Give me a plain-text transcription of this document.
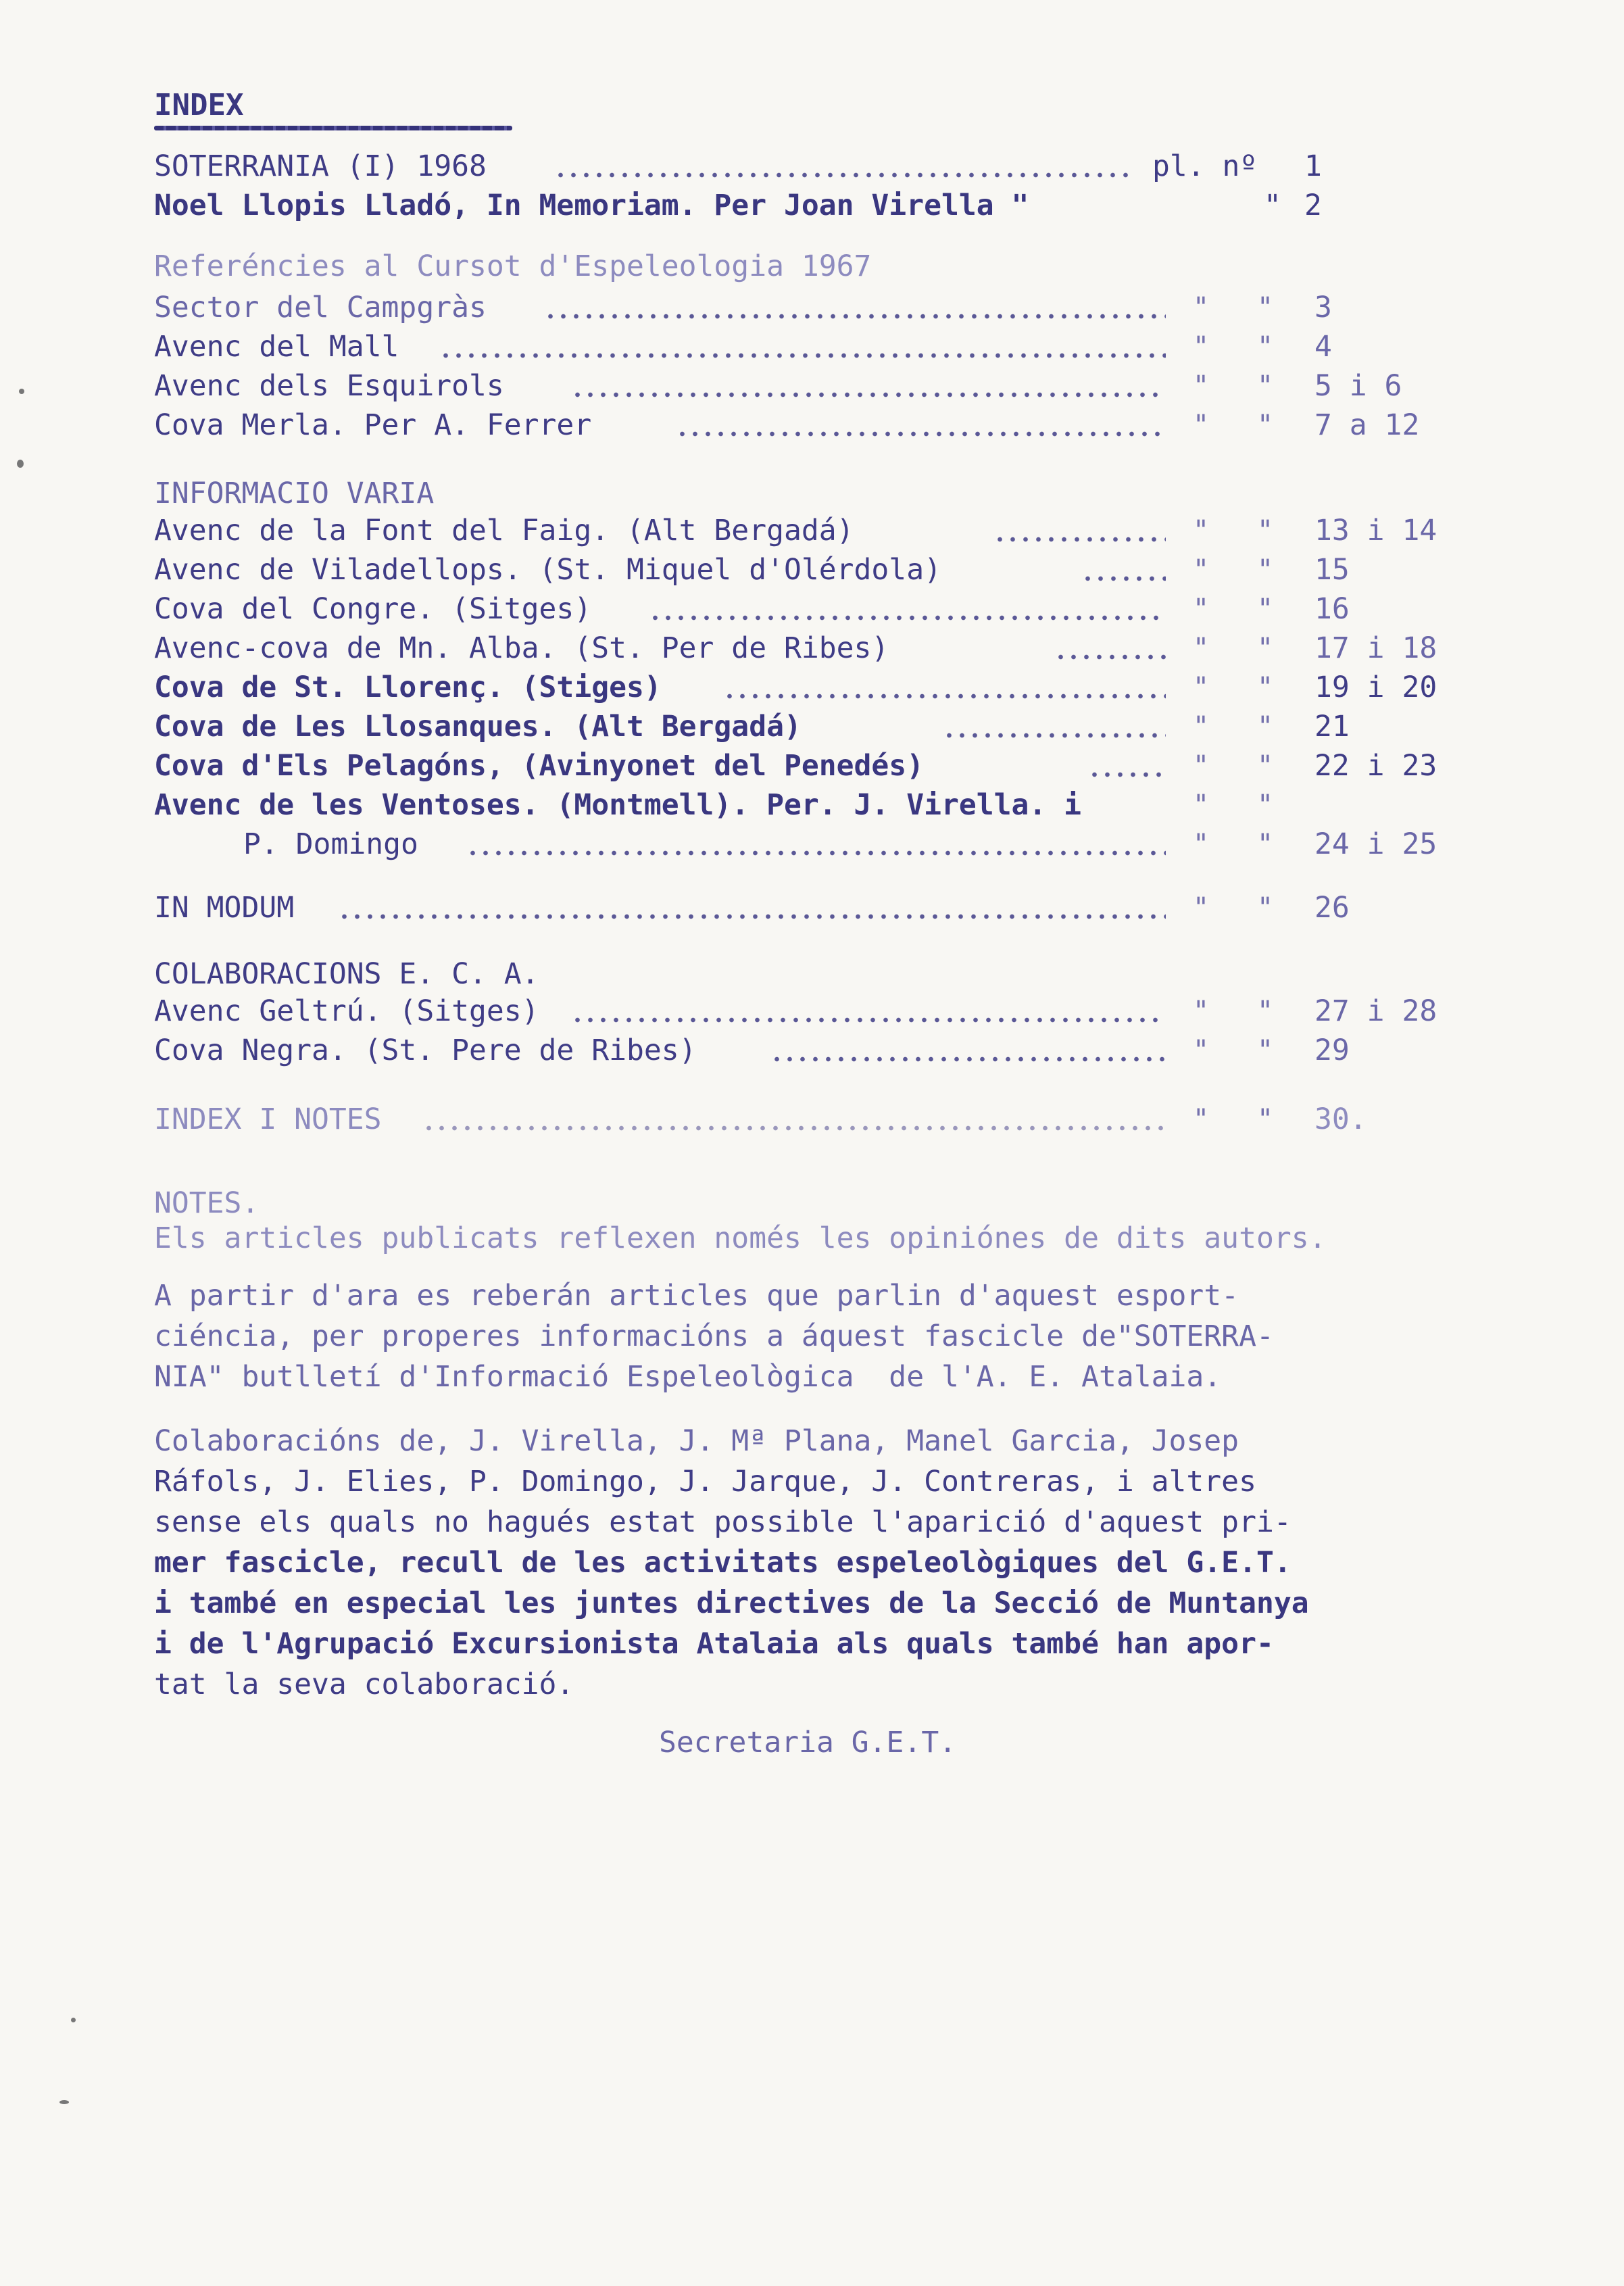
INDEX
SOTERRANIA (I) 1968	pl. nº 1
Noel Llopis Lladó, In Memoriam. Per Joan Virella "	" 2
Referéncies al Cursot d'Espeleologia 1967
Sector del Campgràs	" " 3
Avenc del Mall	" " 4
Avenc dels Esquirols	" " 5 i 6
Cova Merla. Per A. Ferrer	" " 7 a 12
INFORMACIO VARIA
Avenc de la Font del Faig. (Alt Bergadá)	" " 13 i 14
Avenc de Viladellops. (St. Miquel d'Olérdola)	" " 15
Cova del Congre. (Sitges)	" " 16
Avenc-cova de Mn. Alba. (St. Per de Ribes)	" " 17 i 18
Cova de St. Llorenç. (Stiges)	" " 19 i 20
Cova de Les Llosanques. (Alt Bergadá)	" " 21
Cova d'Els Pelagóns, (Avinyonet del Penedés)	" " 22 i 23
Avenc de les Ventoses. (Montmell). Per. J. Virella. i	" "
P. Domingo	" " 24 i 25
IN MODUM	" " 26
COLABORACIONS E. C. A.
Avenc Geltrú. (Sitges)	" " 27 i 28
Cova Negra. (St. Pere de Ribes)	" " 29
INDEX I NOTES	" " 30.
NOTES.
Els articles publicats reflexen només les opiniónes de dits autors.
A partir d'ara es reberán articles que parlin d'aquest esport-
ciéncia, per properes informacións a áquest fascicle de"SOTERRA-
NIA" butlletí d'Informació Espeleològica  de l'A. E. Atalaia.
Colaboracións de, J. Virella, J. Mª Plana, Manel Garcia, Josep
Ráfols, J. Elies, P. Domingo, J. Jarque, J. Contreras, i altres
sense els quals no hagués estat possible l'aparició d'aquest pri-
mer fascicle, recull de les activitats espeleològiques del G.E.T.
i també en especial les juntes directives de la Secció de Muntanya
i de l'Agrupació Excursionista Atalaia als quals també han apor-
tat la seva colaboració.
Secretaria G.E.T.
